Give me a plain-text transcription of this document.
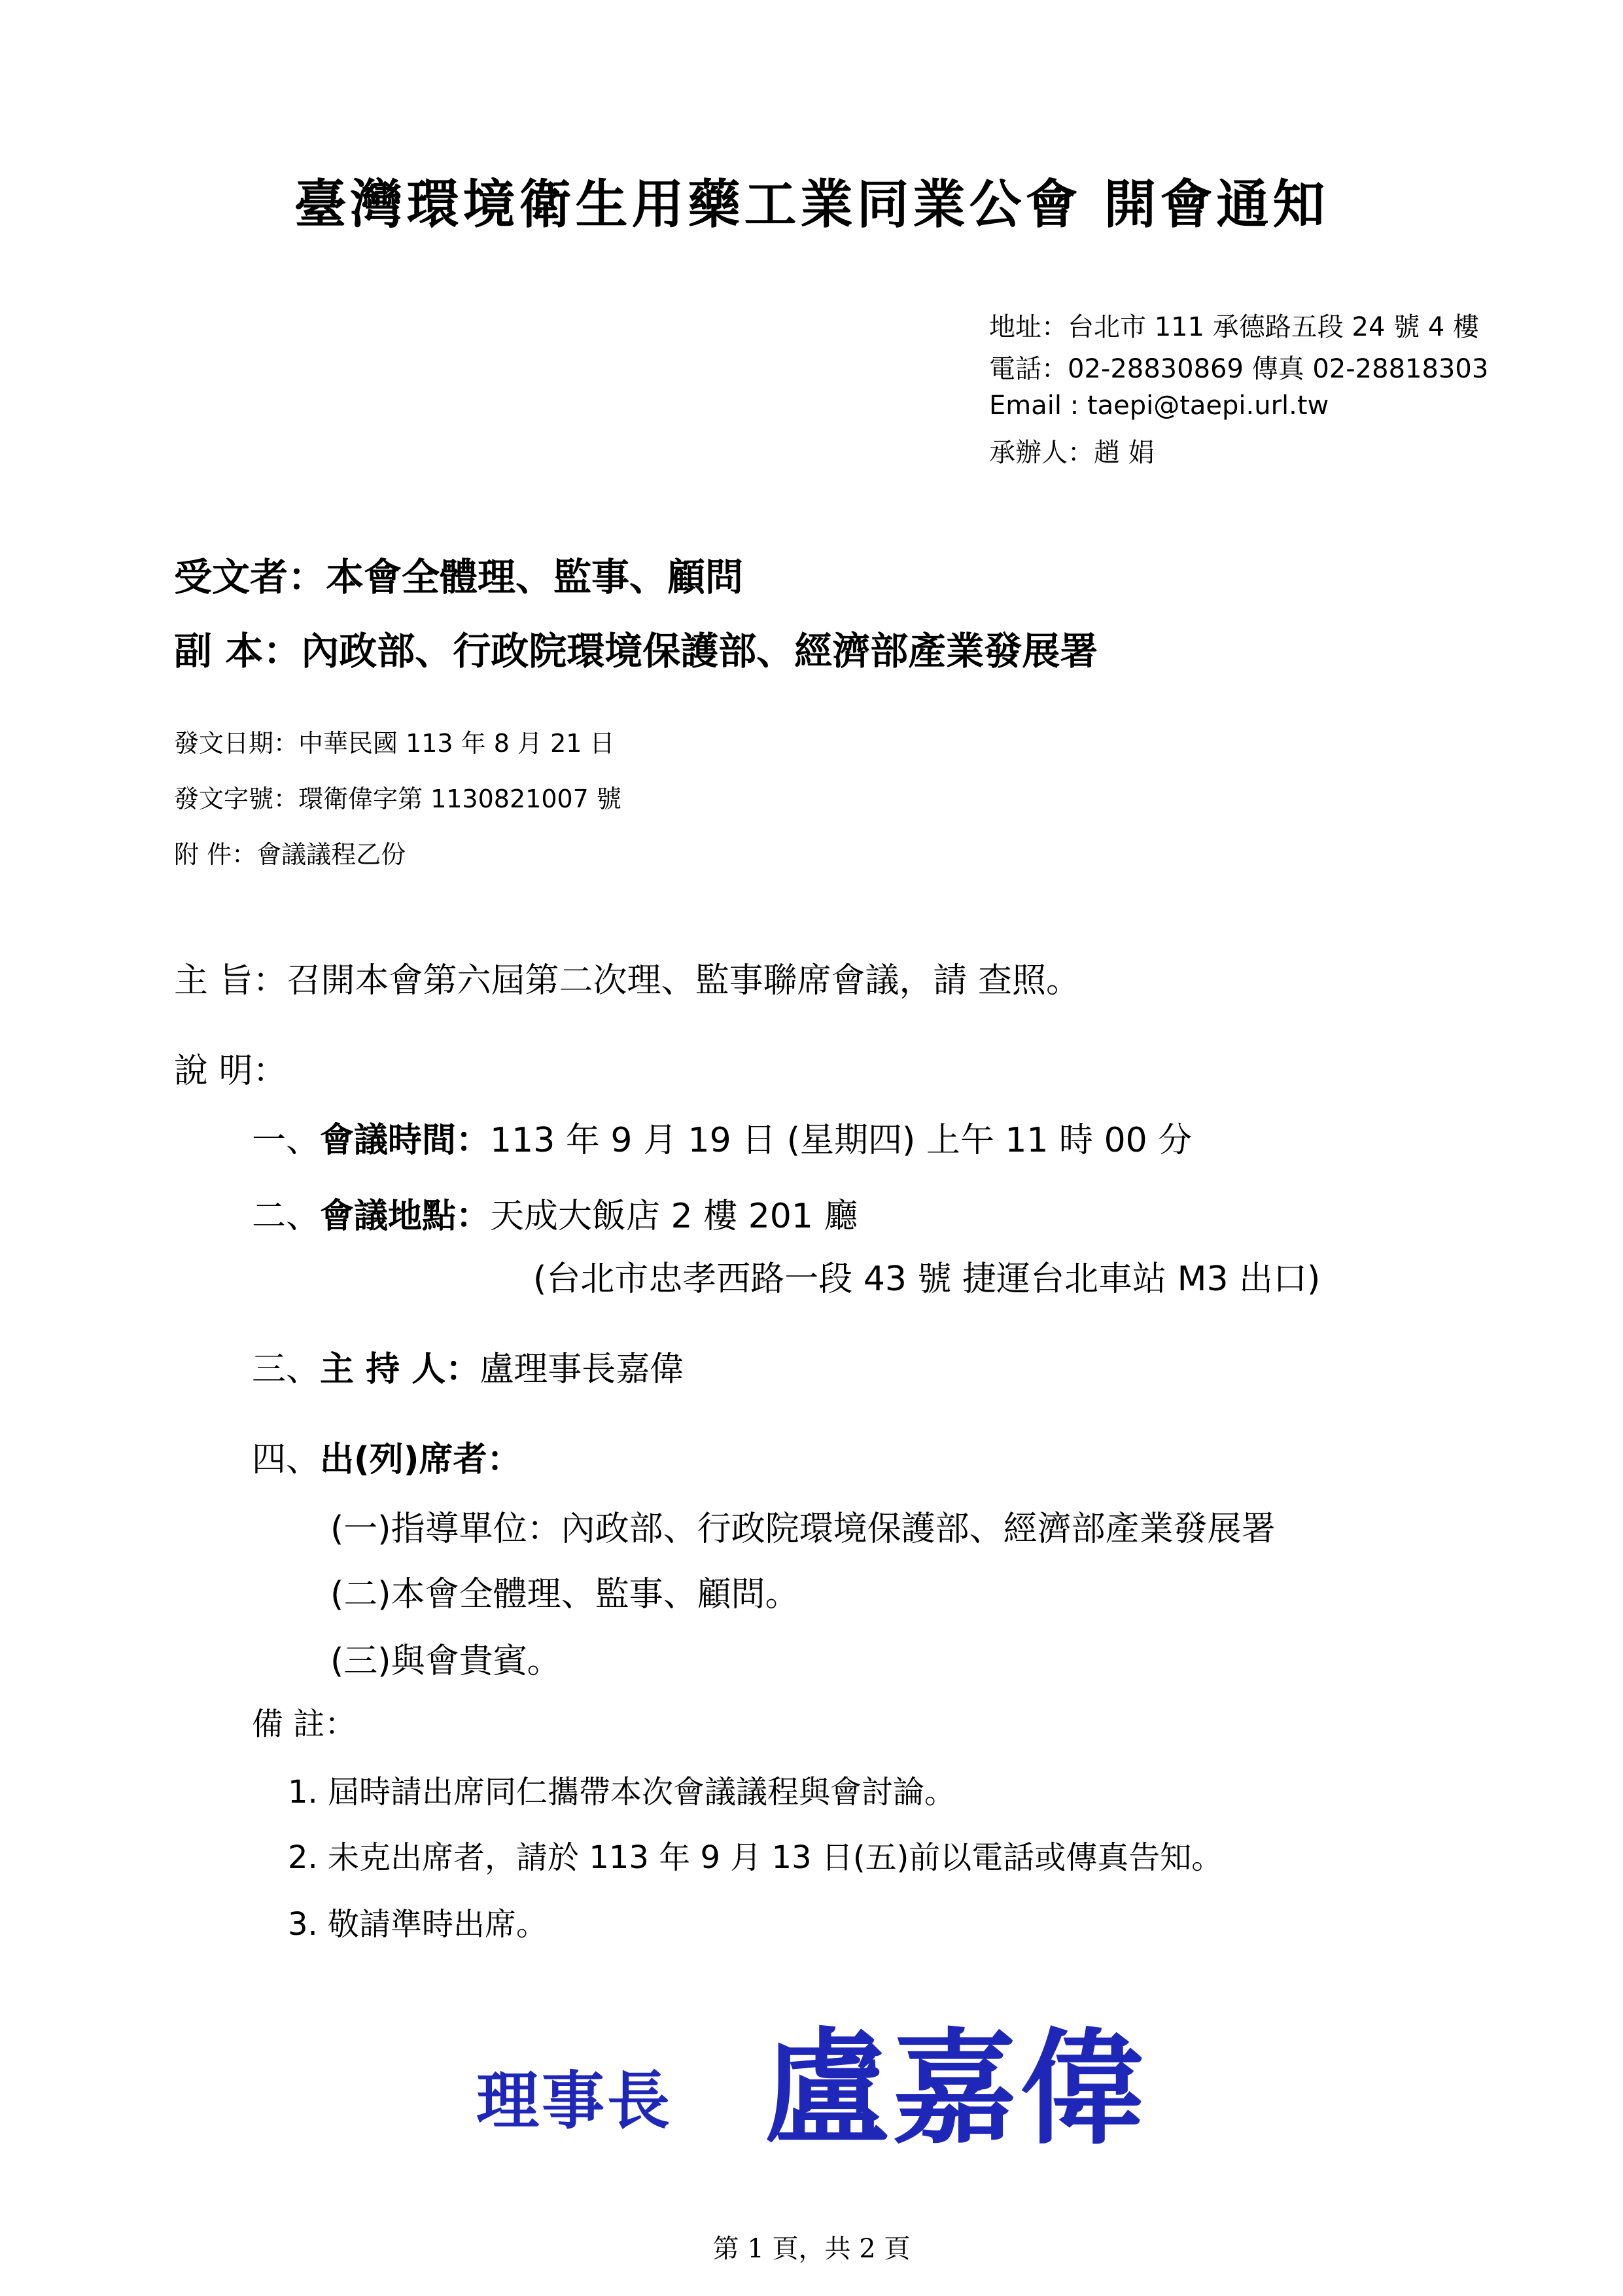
臺灣環境衛生用藥工業同業公會 開會通知
地址：台北市 111 承德路五段 24 號 4 樓
電話：02-28830869 傳真 02-28818303
Email : taepi@taepi.url.tw
承辦人：趙 娟
受文者：本會全體理、監事、顧問
副 本：內政部、行政院環境保護部、經濟部產業發展署
發文日期：中華民國 113 年 8 月 21 日
發文字號：環衛偉字第 1130821007 號
附 件：會議議程乙份
主 旨：召開本會第六屆第二次理、監事聯席會議，請 查照。
說 明：
一、會議時間：113 年 9 月 19 日 (星期四) 上午 11 時 00 分
二、會議地點：天成大飯店 2 樓 201 廳
(台北市忠孝西路一段 43 號 捷運台北車站 M3 出口)
三、主 持 人：盧理事長嘉偉
四、出(列)席者：
(一)指導單位：內政部、行政院環境保護部、經濟部產業發展署
(二)本會全體理、監事、顧問。
(三)與會貴賓。
備 註：
1. 屆時請出席同仁攜帶本次會議議程與會討論。
2. 未克出席者，請於 113 年 9 月 13 日(五)前以電話或傳真告知。
3. 敬請準時出席。
理事長 盧嘉偉
第 1 頁，共 2 頁
